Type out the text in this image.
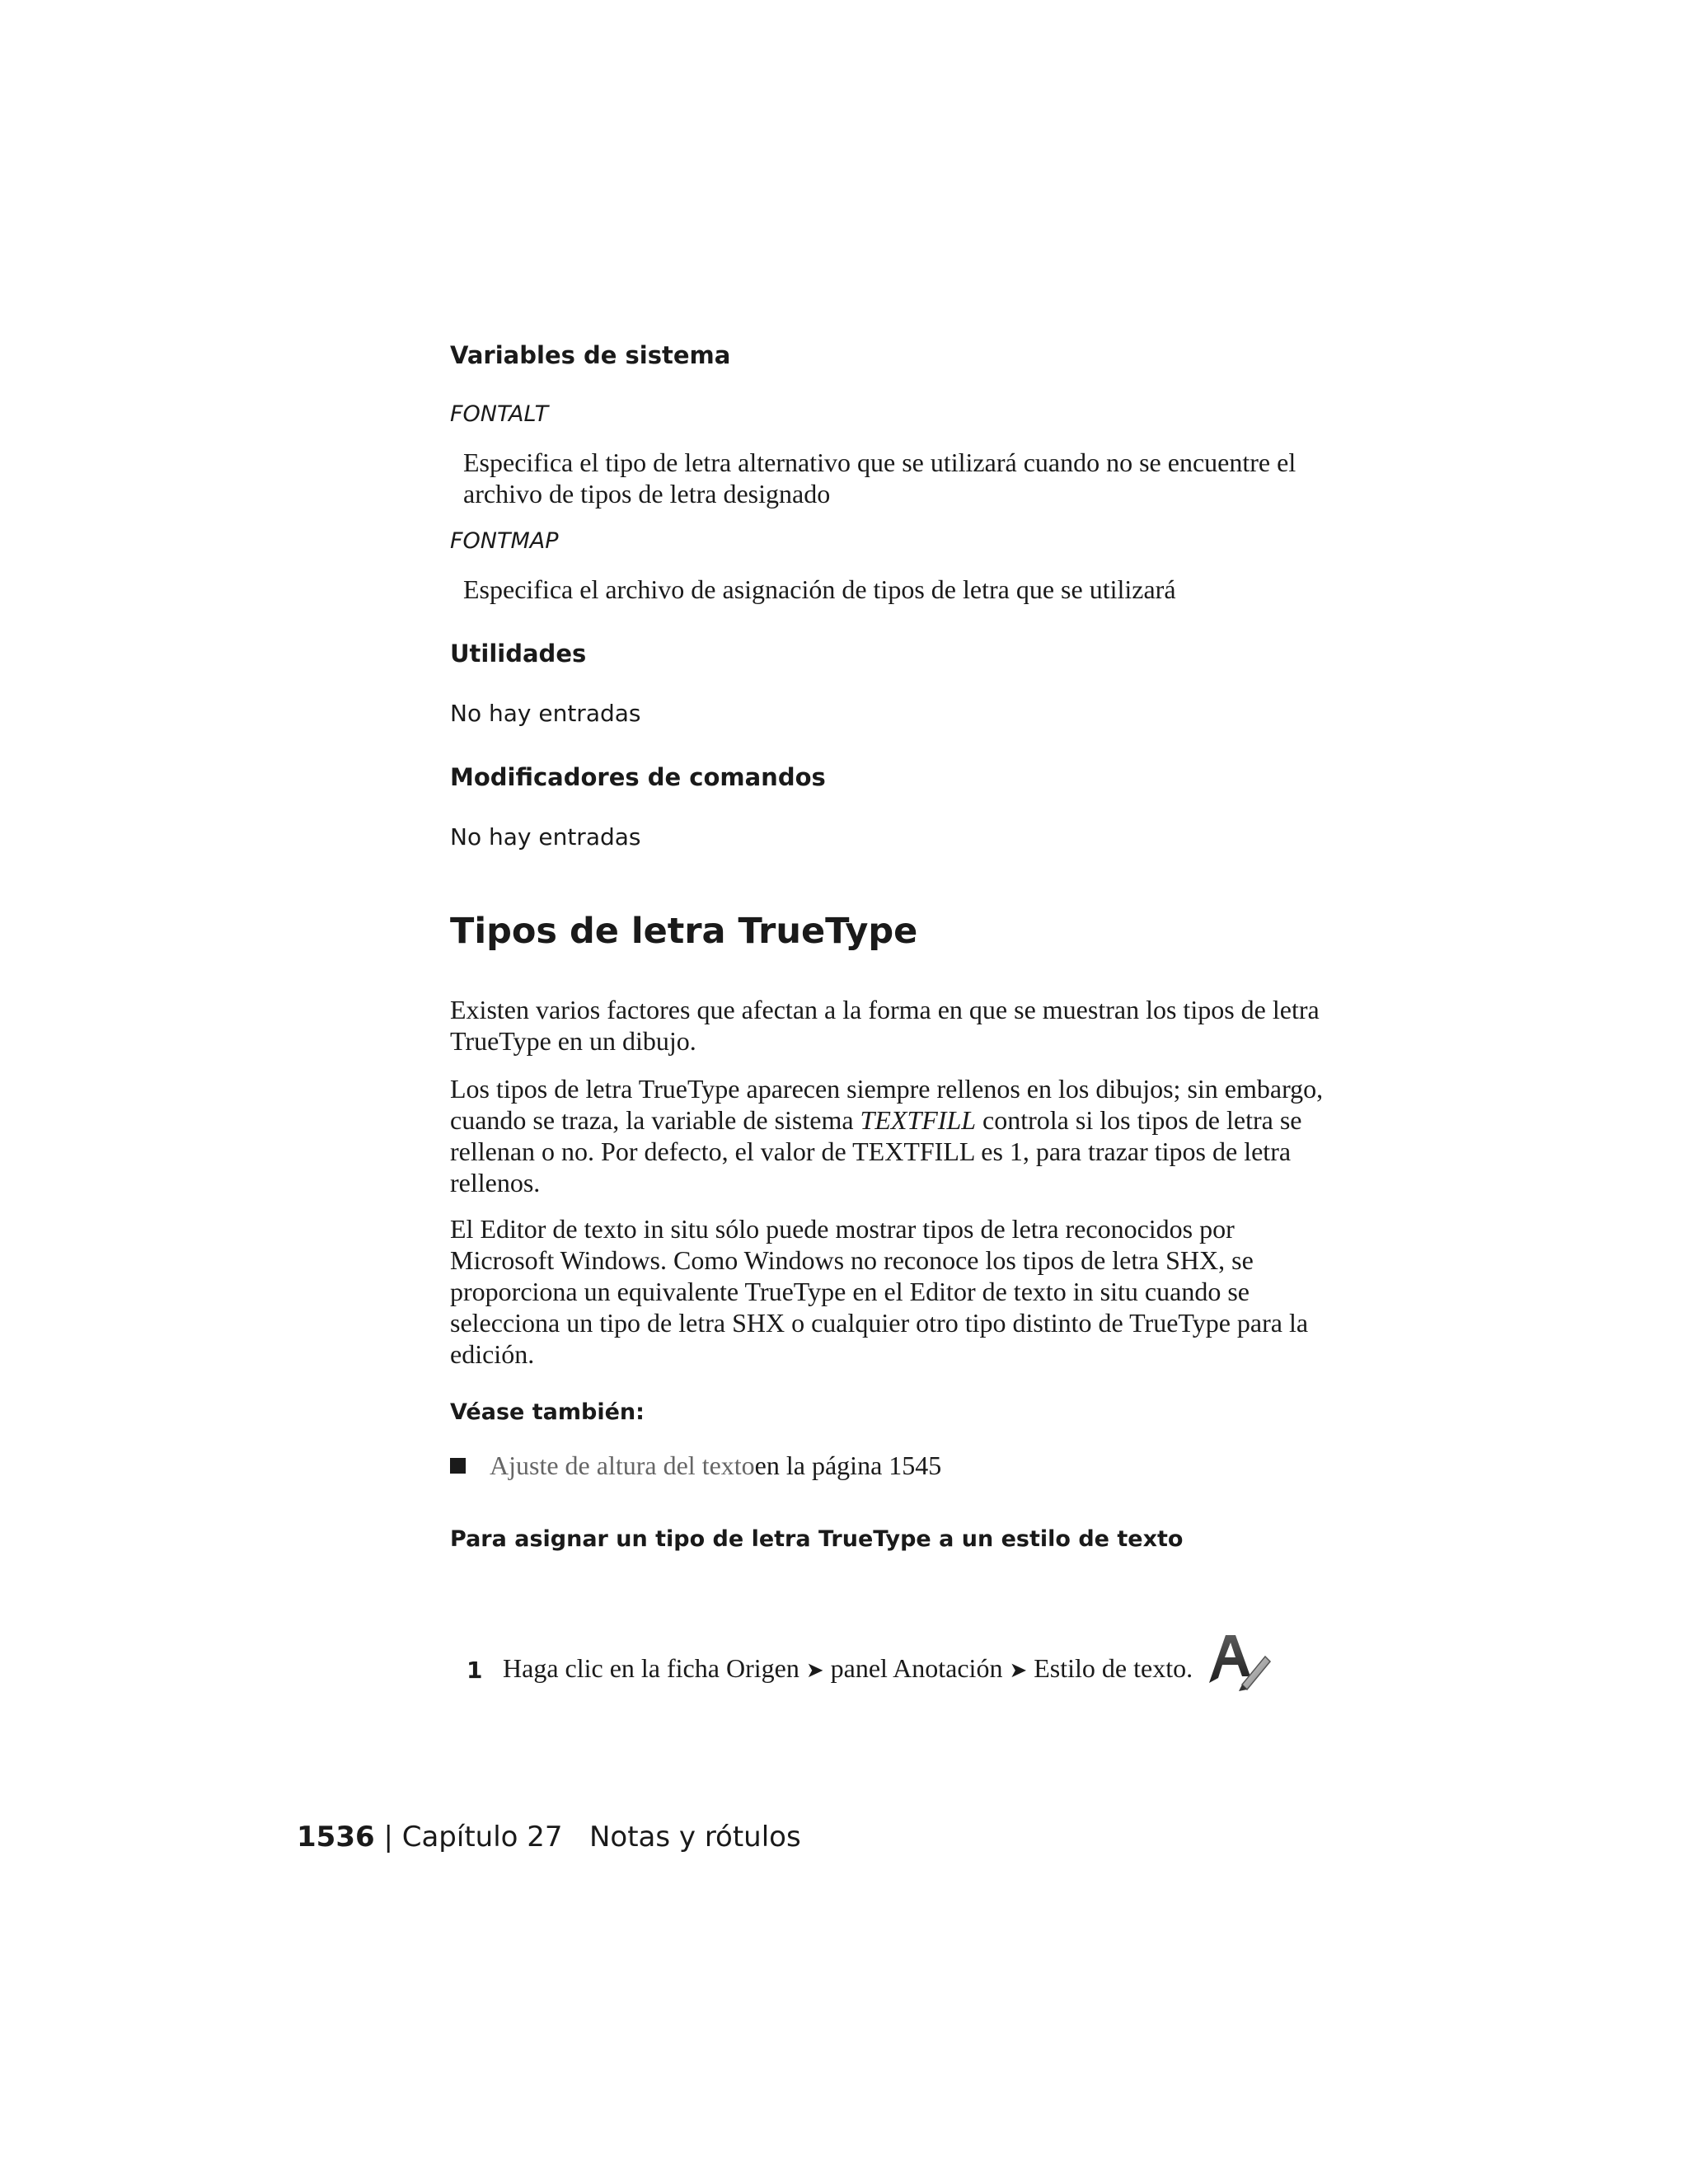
Variables de sistema
FONTALT

Especifica el tipo de letra alternativo que se utilizará cuando no se encuentre el archivo de tipos de letra designado

FONTMAP

Especifica el archivo de asignación de tipos de letra que se utilizará

Utilidades

No hay entradas

Modificadores de comandos

No hay entradas

Tipos de letra TrueType

Existen varios factores que afectan a la forma en que se muestran los tipos de letra TrueType en un dibujo.

Los tipos de letra TrueType aparecen siempre rellenos en los dibujos; sin embargo, cuando se traza, la variable de sistema TEXTFILL controla si los tipos de letra se rellenan o no. Por defecto, el valor de TEXTFILL es 1, para trazar tipos de letra rellenos.

El Editor de texto in situ sólo puede mostrar tipos de letra reconocidos por Microsoft Windows. Como Windows no reconoce los tipos de letra SHX, se proporciona un equivalente TrueType en el Editor de texto in situ cuando se selecciona un tipo de letra SHX o cualquier otro tipo distinto de TrueType para la edición.

Véase también:
Ajuste de altura del texto en la página 1545
Para asignar un tipo de letra TrueType a un estilo de texto
1 Haga clic en la ficha Origen ➤ panel Anotación ➤ Estilo de texto.
1536 | Capítulo 27 Notas y rótulos
